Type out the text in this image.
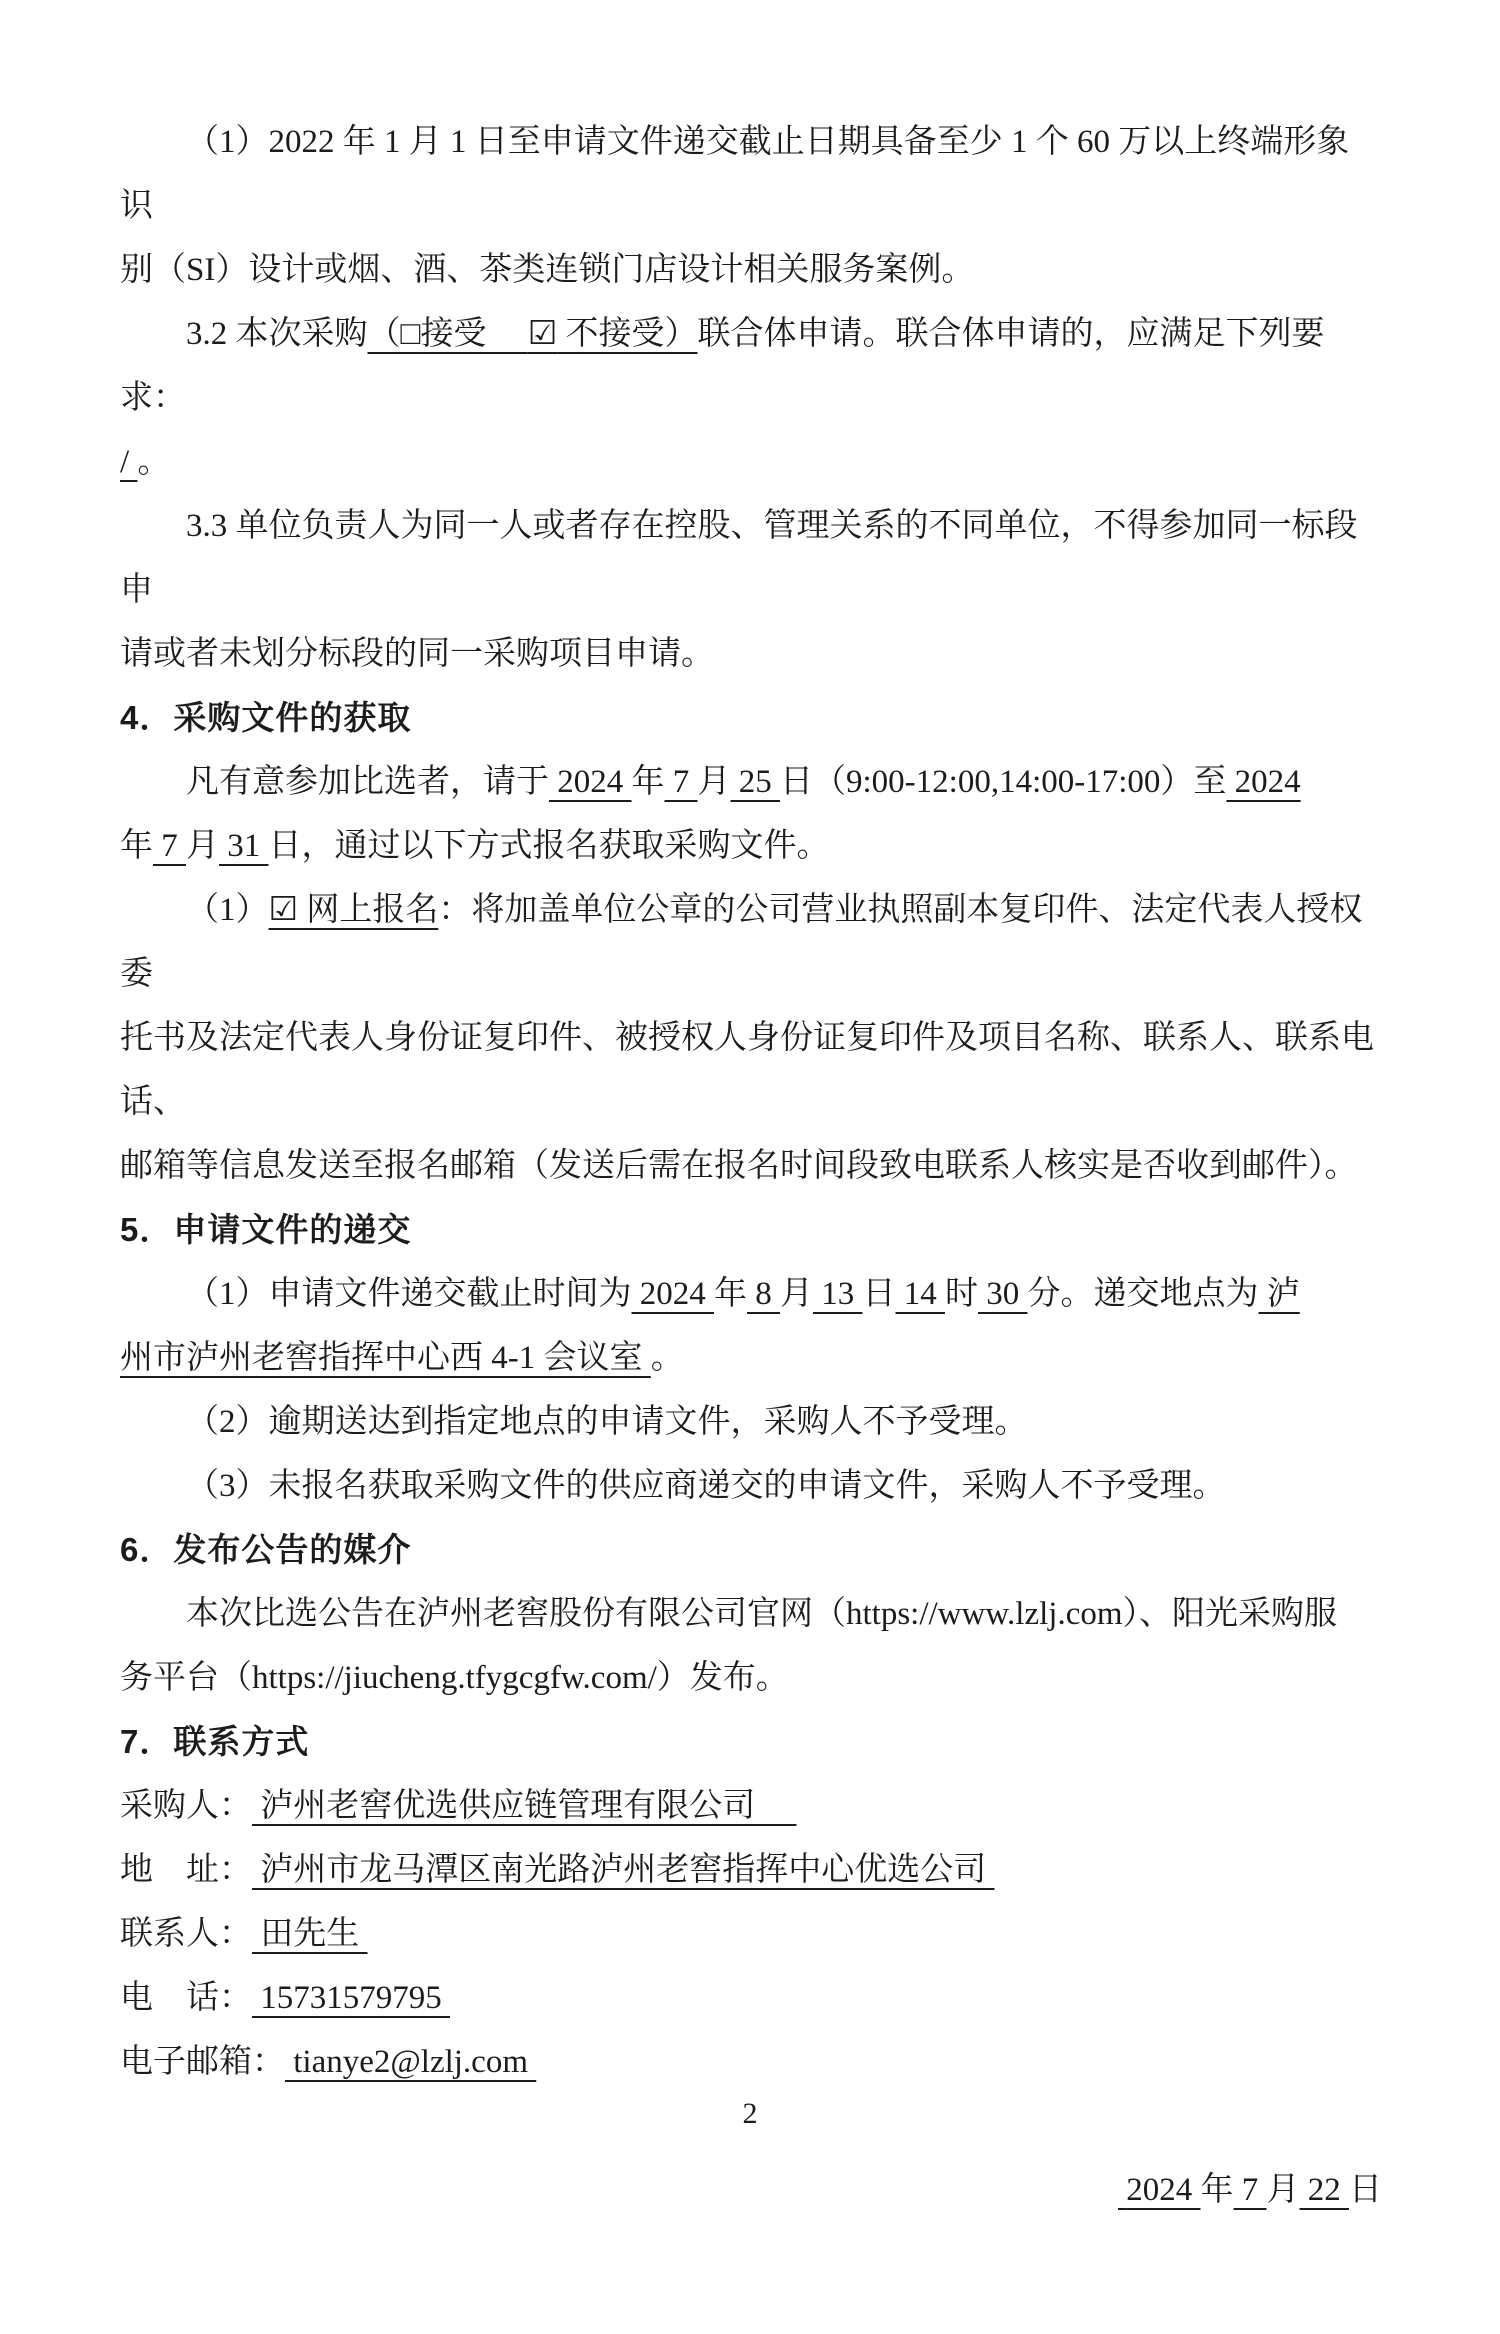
（1）2022 年 1 月 1 日至申请文件递交截止日期具备至少 1 个 60 万以上终端形象识
别（SI）设计或烟、酒、茶类连锁门店设计相关服务案例。
3.2 本次采购（□接受　 ☑ 不接受）联合体申请。联合体申请的，应满足下列要求：
/ 。
3.3 单位负责人为同一人或者存在控股、管理关系的不同单位，不得参加同一标段申
请或者未划分标段的同一采购项目申请。
4．采购文件的获取
凡有意参加比选者，请于 2024 年 7 月 25 日（9:00-12:00,14:00-17:00）至 2024
年 7 月 31 日，通过以下方式报名获取采购文件。
（1）☑ 网上报名：将加盖单位公章的公司营业执照副本复印件、法定代表人授权委
托书及法定代表人身份证复印件、被授权人身份证复印件及项目名称、联系人、联系电话、
邮箱等信息发送至报名邮箱（发送后需在报名时间段致电联系人核实是否收到邮件）。
5．申请文件的递交
（1）申请文件递交截止时间为 2024 年 8 月 13 日 14 时 30 分。递交地点为 泸
州市泸州老窖指挥中心西 4-1 会议室 。
（2）逾期送达到指定地点的申请文件，采购人不予受理。
（3）未报名获取采购文件的供应商递交的申请文件，采购人不予受理。
6．发布公告的媒介
本次比选公告在泸州老窖股份有限公司官网（https://www.lzlj.com）、阳光采购服
务平台（https://jiucheng.tfygcgfw.com/）发布。
7．联系方式
采购人： 泸州老窖优选供应链管理有限公司　
地　址： 泸州市龙马潭区南光路泸州老窖指挥中心优选公司
联系人： 田先生
电　话： 15731579795
电子邮箱： tianye2@lzlj.com
2024 年 7 月 22 日
2
